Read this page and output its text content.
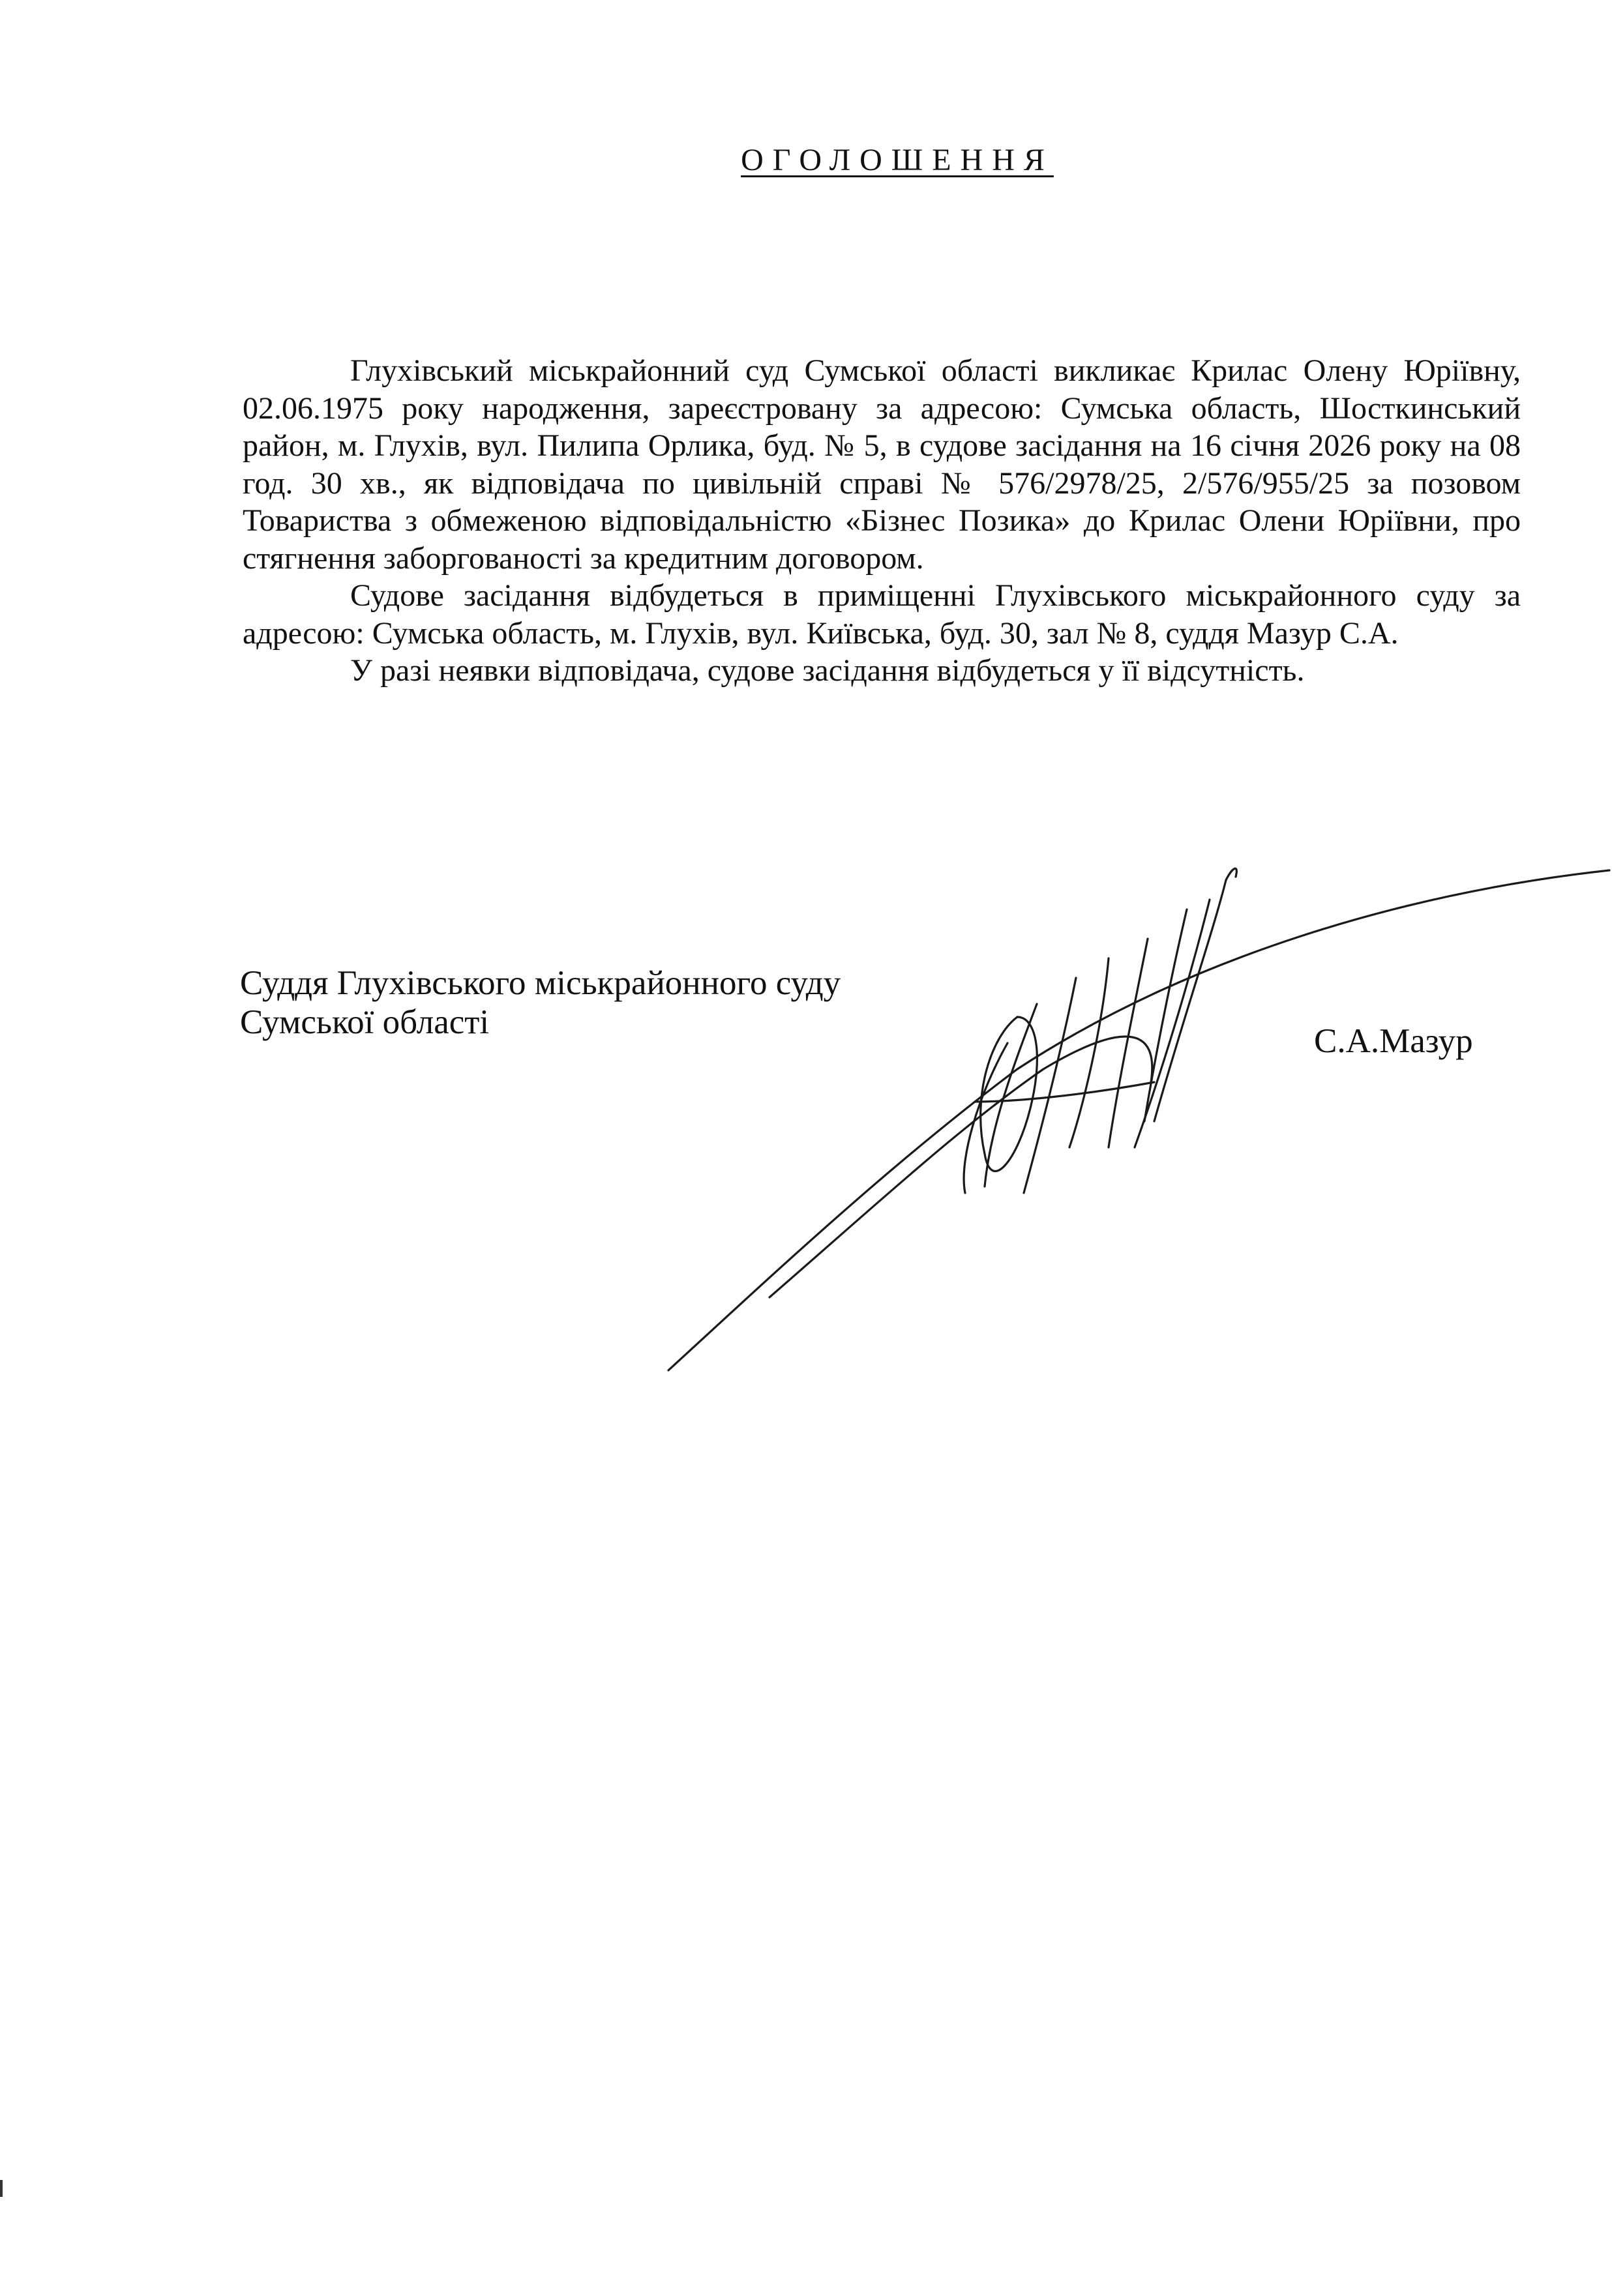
ОГОЛОШЕННЯ

Глухівський міськрайонний суд Сумської області викликає Крилас Олену Юріївну, 02.06.1975 року народження, зареєстровану за адресою: Сумська область, Шосткинський район, м. Глухів, вул. Пилипа Орлика, буд. № 5, в судове засідання на 16 січня 2026 року на 08 год. 30 хв., як відповідача по цивільній справі № 576/2978/25, 2/576/955/25 за позовом Товариства з обмеженою відповідальністю «Бізнес Позика» до Крилас Олени Юріївни, про стягнення заборгованості за кредитним договором.

Судове засідання відбудеться в приміщенні Глухівського міськрайонного суду за адресою: Сумська область, м. Глухів, вул. Київська, буд. 30, зал № 8, суддя Мазур С.А.

У разі неявки відповідача, судове засідання відбудеться у її відсутність.

Суддя Глухівського міськрайонного суду
Сумської області	С.А.Мазур
